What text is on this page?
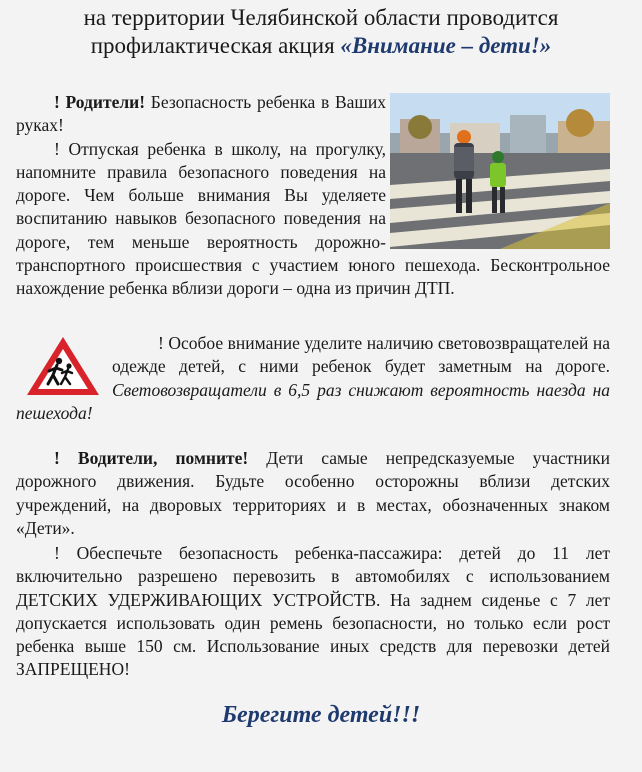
на территории Челябинской области проводится
профилактическая акция «Внимание – дети!»
! Родители! Безопасность ребенка в Ваших руках!
! Отпуская ребенка в школу, на прогулку, напомните правила безопасного поведения на дороге. Чем больше внимания Вы уделяете воспитанию навыков безопасного поведения на дороге, тем меньше вероятность дорожно-транспортного происшествия с участием юного пешехода. Бесконтрольное нахождение ребенка вблизи дороги – одна из причин ДТП.
! Особое внимание уделите наличию световозвращателей на одежде детей, с ними ребенок будет заметным на дороге. Световозвращатели в 6,5 раз снижают вероятность наезда на пешехода!
! Водители, помните! Дети самые непредсказуемые участники дорожного движения. Будьте особенно осторожны вблизи детских учреждений, на дворовых территориях и в местах, обозначенных знаком «Дети».
! Обеспечьте безопасность ребенка-пассажира: детей до 11 лет включительно разрешено перевозить в автомобилях с использованием ДЕТСКИХ УДЕРЖИВАЮЩИХ УСТРОЙСТВ. На заднем сиденье с 7 лет допускается использовать один ремень безопасности, но только если рост ребенка выше 150 см. Использование иных средств для перевозки детей ЗАПРЕЩЕНО!
Берегите детей!!!
